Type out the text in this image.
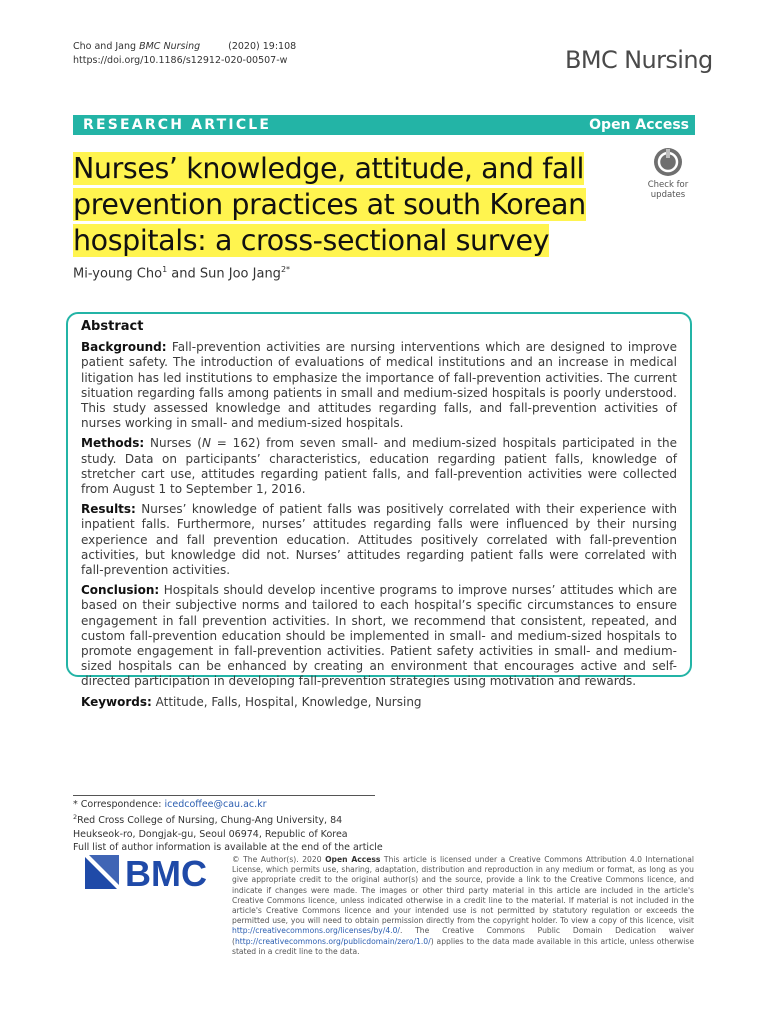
Cho and Jang BMC Nursing	(2020) 19:108
https://doi.org/10.1186/s12912-020-00507-w	BMC Nursing
RESEARCH ARTICLE	Open Access
Nurses’ knowledge, attitude, and fall
prevention practices at south Korean
hospitals: a cross-sectional survey
Check for
updates
Mi-young Cho$^1$ and Sun Joo Jang$^{2*}$
Abstract

Background: Fall-prevention activities are nursing interventions which are designed to improve patient safety. The introduction of evaluations of medical institutions and an increase in medical litigation has led institutions to emphasize the importance of fall-prevention activities. The current situation regarding falls among patients in small and medium-sized hospitals is poorly understood. This study assessed knowledge and attitudes regarding falls, and fall-prevention activities of nurses working in small- and medium-sized hospitals.

Methods: Nurses (N = 162) from seven small- and medium-sized hospitals participated in the study. Data on participants’ characteristics, education regarding patient falls, knowledge of stretcher cart use, attitudes regarding patient falls, and fall-prevention activities were collected from August 1 to September 1, 2016.

Results: Nurses’ knowledge of patient falls was positively correlated with their experience with inpatient falls. Furthermore, nurses’ attitudes regarding falls were influenced by their nursing experience and fall prevention education. Attitudes positively correlated with fall-prevention activities, but knowledge did not. Nurses’ attitudes regarding patient falls were correlated with fall-prevention activities.

Conclusion: Hospitals should develop incentive programs to improve nurses’ attitudes which are based on their subjective norms and tailored to each hospital’s specific circumstances to ensure engagement in fall prevention activities. In short, we recommend that consistent, repeated, and custom fall-prevention education should be implemented in small- and medium-sized hospitals to promote engagement in fall-prevention activities. Patient safety activities in small- and medium-sized hospitals can be enhanced by creating an environment that encourages active and self-directed participation in developing fall-prevention strategies using motivation and rewards.

Keywords: Attitude, Falls, Hospital, Knowledge, Nursing

* Correspondence: icedcoffee@cau.ac.kr
$^2$Red Cross College of Nursing, Chung-Ang University, 84 Heukseok-ro, Dongjak-gu, Seoul 06974, Republic of Korea
Full list of author information is available at the end of the article
BMC	© The Author(s). 2020 Open Access This article is licensed under a Creative Commons Attribution 4.0 International License, which permits use, sharing, adaptation, distribution and reproduction in any medium or format, as long as you give appropriate credit to the original author(s) and the source, provide a link to the Creative Commons licence, and indicate if changes were made. The images or other third party material in this article are included in the article's Creative Commons licence, unless indicated otherwise in a credit line to the material. If material is not included in the article's Creative Commons licence and your intended use is not permitted by statutory regulation or exceeds the permitted use, you will need to obtain permission directly from the copyright holder. To view a copy of this licence, visit http://creativecommons.org/licenses/by/4.0/. The Creative Commons Public Domain Dedication waiver (http://creativecommons.org/publicdomain/zero/1.0/) applies to the data made available in this article, unless otherwise stated in a credit line to the data.
